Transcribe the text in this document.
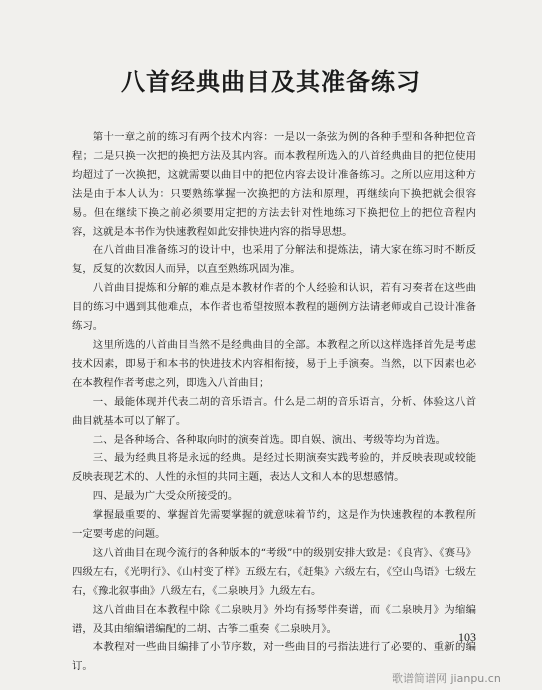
八首经典曲目及其准备练习

第十一章之前的练习有两个技术内容：一是以一条弦为例的各种手型和各种把位音程；二是只换一次把的换把方法及其内容。而本教程所选入的八首经典曲目的把位使用均超过了一次换把，这就需要以曲目中的把位内容去设计准备练习。之所以应用这种方法是由于本人认为：只要熟练掌握一次换把的方法和原理，再继续向下换把就会很容易。但在继续下换之前必须要用定把的方法去针对性地练习下换把位上的把位音程内容，这就是本书作为快速教程如此安排快进内容的指导思想。

在八首曲目准备练习的设计中，也采用了分解法和提炼法，请大家在练习时不断反复，反复的次数因人而异，以直至熟练巩固为准。

八首曲目提炼和分解的难点是本教材作者的个人经验和认识，若有习奏者在这些曲目的练习中遇到其他难点，本作者也希望按照本教程的题例方法请老师或自己设计准备练习。

这里所选的八首曲目当然不是经典曲目的全部。本教程之所以这样选择首先是考虑技术因素，即易于和本书的快进技术内容相衔接，易于上手演奏。当然，以下因素也必在本教程作者考虑之列，即选入八首曲目；

一、最能体现并代表二胡的音乐语言。什么是二胡的音乐语言，分析、体验这八首曲目就基本可以了解了。

二、是各种场合、各种取向时的演奏首选。即自娱、演出、考级等均为首选。

三、最为经典且将是永远的经典。是经过长期演奏实践考验的，并反映表现或较能反映表现艺术的、人性的永恒的共同主题，表达人文和人本的思想感情。

四、是最为广大受众所接受的。

掌握最重要的、掌握首先需要掌握的就意味着节约，这是作为快速教程的本教程所一定要考虑的问题。

这八首曲目在现今流行的各种版本的“考级”中的级别安排大致是：《良宵》、《赛马》四级左右，《光明行》、《山村变了样》五级左右，《赶集》六级左右，《空山鸟语》七级左右，《豫北叙事曲》八级左右，《二泉映月》九级左右。

这八首曲目在本教程中除《二泉映月》外均有扬琴伴奏谱，而《二泉映月》为缩编谱，及其由缩编谱编配的二胡、古筝二重奏《二泉映月》。

本教程对一些曲目编排了小节序数，对一些曲目的弓指法进行了必要的、重新的编订。

103
歌谱简谱网 jianpu.cn
